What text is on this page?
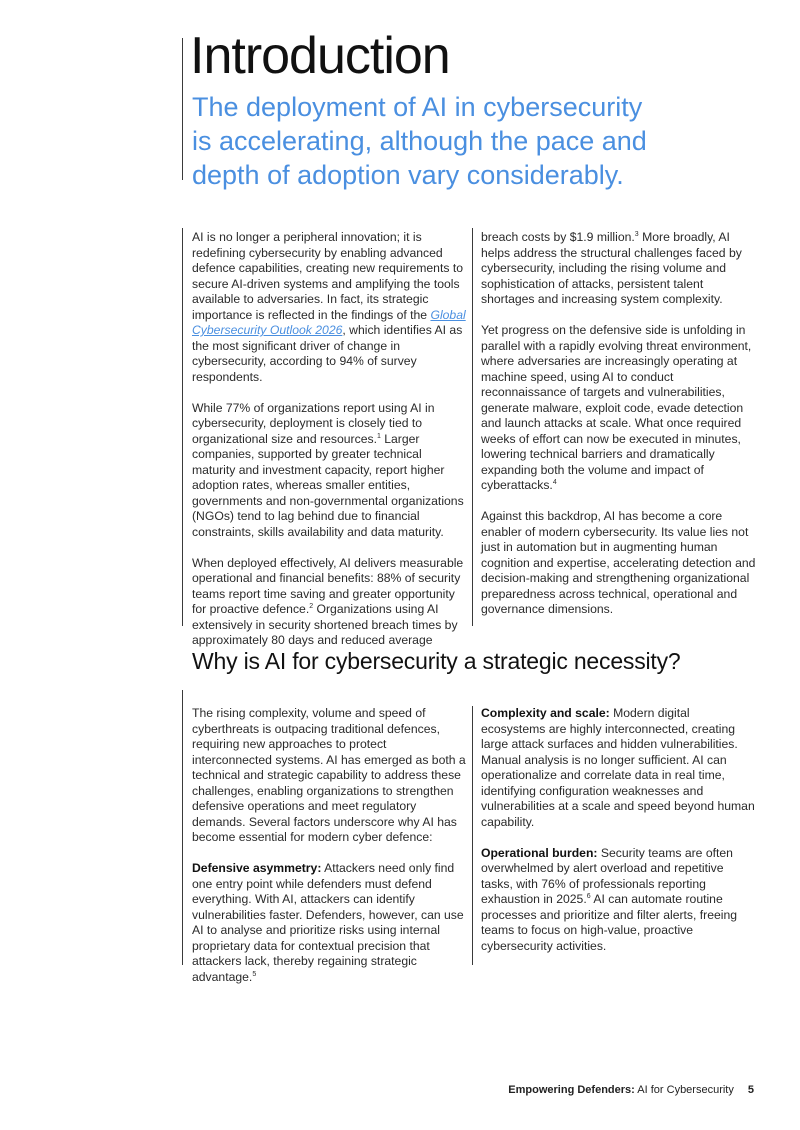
Introduction
The deployment of AI in cybersecurity is accelerating, although the pace and depth of adoption vary considerably.

AI is no longer a peripheral innovation; it is redefining cybersecurity by enabling advanced defence capabilities, creating new requirements to secure AI-driven systems and amplifying the tools available to adversaries. In fact, its strategic importance is reflected in the findings of the Global Cybersecurity Outlook 2026, which identifies AI as the most significant driver of change in cybersecurity, according to 94% of survey respondents.

While 77% of organizations report using AI in cybersecurity, deployment is closely tied to organizational size and resources.$^1$ Larger companies, supported by greater technical maturity and investment capacity, report higher adoption rates, whereas smaller entities, governments and non-governmental organizations (NGOs) tend to lag behind due to financial constraints, skills availability and data maturity.

When deployed effectively, AI delivers measurable operational and financial benefits: 88% of security teams report time saving and greater opportunity for proactive defence.$^2$ Organizations using AI extensively in security shortened breach times by approximately 80 days and reduced average

breach costs by $1.9 million.$^3$ More broadly, AI helps address the structural challenges faced by cybersecurity, including the rising volume and sophistication of attacks, persistent talent shortages and increasing system complexity.

Yet progress on the defensive side is unfolding in parallel with a rapidly evolving threat environment, where adversaries are increasingly operating at machine speed, using AI to conduct reconnaissance of targets and vulnerabilities, generate malware, exploit code, evade detection and launch attacks at scale. What once required weeks of effort can now be executed in minutes, lowering technical barriers and dramatically expanding both the volume and impact of cyberattacks.$^4$

Against this backdrop, AI has become a core enabler of modern cybersecurity. Its value lies not just in automation but in augmenting human cognition and expertise, accelerating detection and decision-making and strengthening organizational preparedness across technical, operational and governance dimensions.

Why is AI for cybersecurity a strategic necessity?

The rising complexity, volume and speed of cyberthreats is outpacing traditional defences, requiring new approaches to protect interconnected systems. AI has emerged as both a technical and strategic capability to address these challenges, enabling organizations to strengthen defensive operations and meet regulatory demands. Several factors underscore why AI has become essential for modern cyber defence:

Defensive asymmetry: Attackers need only find one entry point while defenders must defend everything. With AI, attackers can identify vulnerabilities faster. Defenders, however, can use AI to analyse and prioritize risks using internal proprietary data for contextual precision that attackers lack, thereby regaining strategic advantage.$^5$

Complexity and scale: Modern digital ecosystems are highly interconnected, creating large attack surfaces and hidden vulnerabilities. Manual analysis is no longer sufficient. AI can operationalize and correlate data in real time, identifying configuration weaknesses and vulnerabilities at a scale and speed beyond human capability.

Operational burden: Security teams are often overwhelmed by alert overload and repetitive tasks, with 76% of professionals reporting exhaustion in 2025.$^6$ AI can automate routine processes and prioritize and filter alerts, freeing teams to focus on high-value, proactive cybersecurity activities.

Empowering Defenders: AI for Cybersecurity 5
